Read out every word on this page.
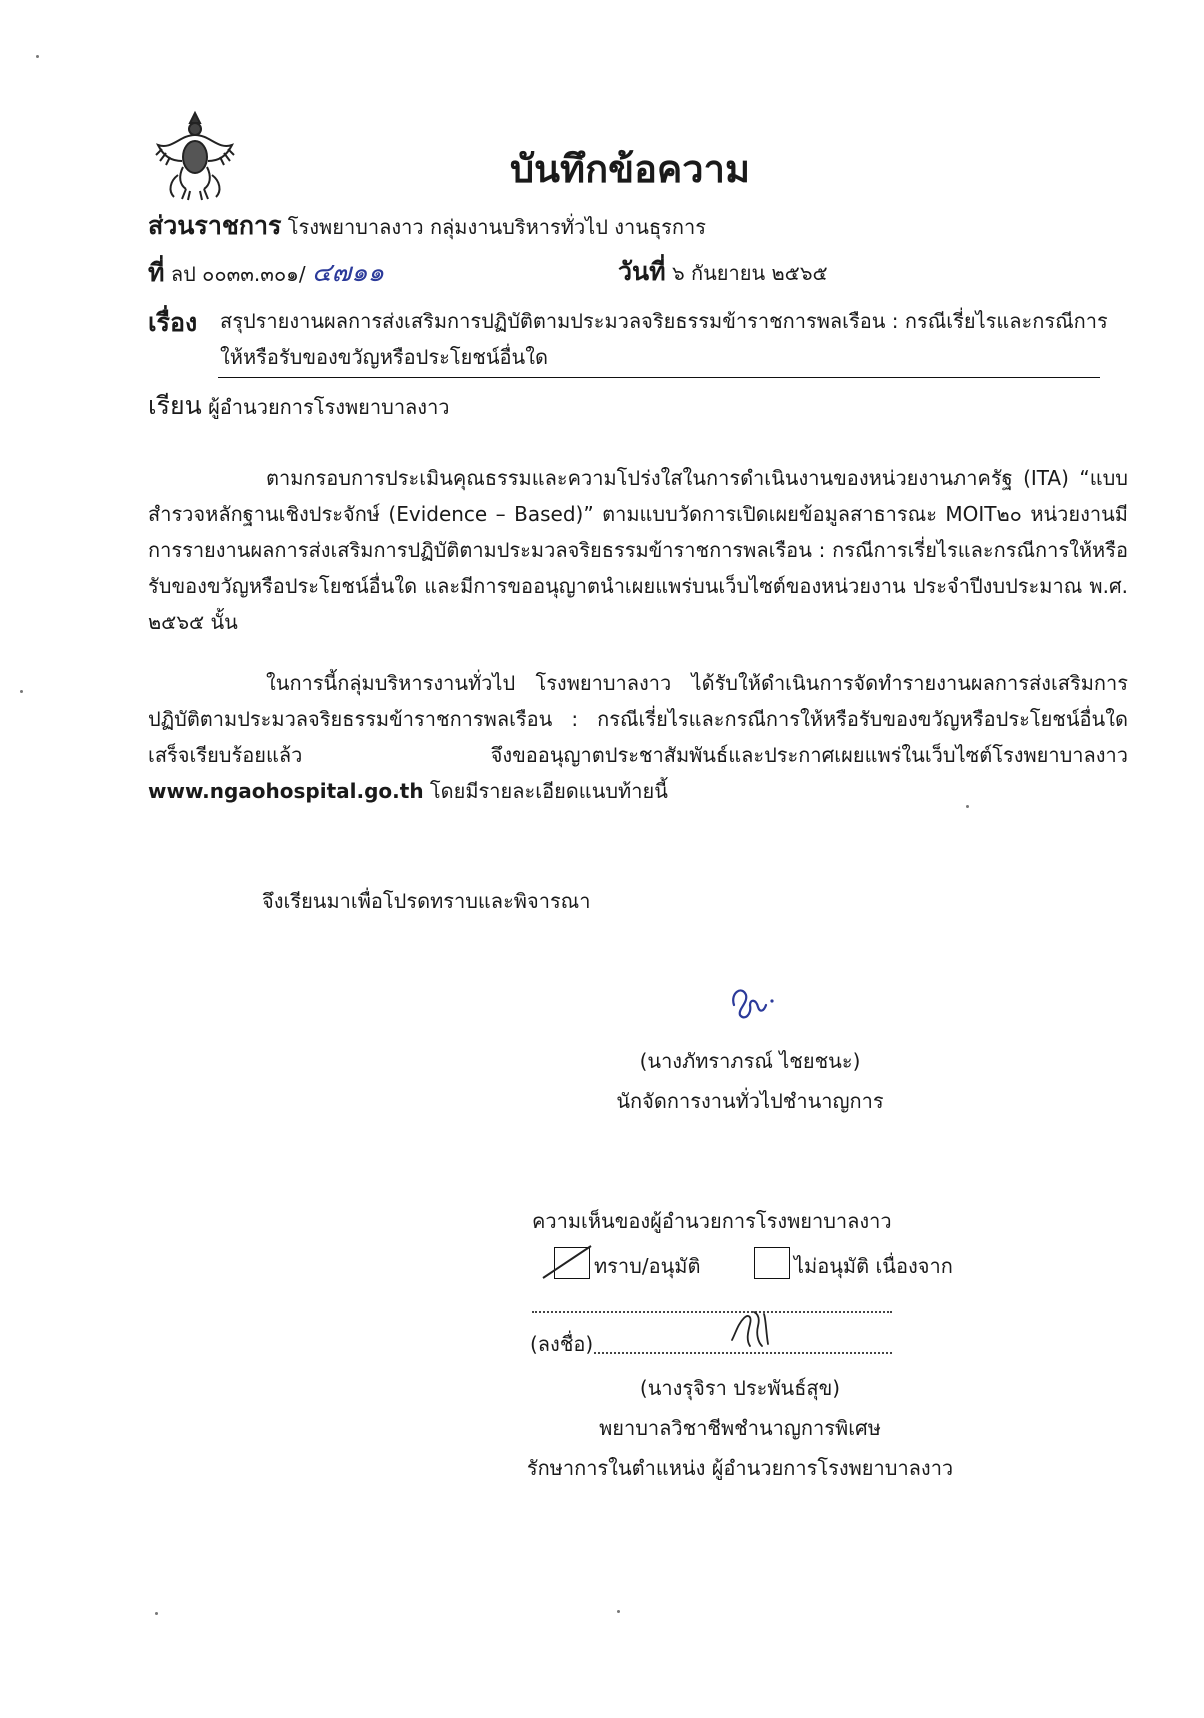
บันทึกข้อความ
ส่วนราชการ โรงพยาบาลงาว กลุ่มงานบริหารทั่วไป งานธุรการ
ที่ ลป ๐๐๓๓.๓๐๑/ ๔๗๑๑	วันที่ ๖ กันยายน ๒๕๖๕
เรื่อง สรุปรายงานผลการส่งเสริมการปฏิบัติตามประมวลจริยธรรมข้าราชการพลเรือน : กรณีเรี่ยไรและกรณีการ
ให้หรือรับของขวัญหรือประโยชน์อื่นใด
เรียน ผู้อำนวยการโรงพยาบาลงาว
ตามกรอบการประเมินคุณธรรมและความโปร่งใสในการดำเนินงานของหน่วยงานภาครัฐ (ITA) “แบบสำรวจหลักฐานเชิงประจักษ์ (Evidence – Based)” ตามแบบวัดการเปิดเผยข้อมูลสาธารณะ MOIT๒๐ หน่วยงานมีการรายงานผลการส่งเสริมการปฏิบัติตามประมวลจริยธรรมข้าราชการพลเรือน : กรณีการเรี่ยไรและกรณีการให้หรือรับของขวัญหรือประโยชน์อื่นใด และมีการขออนุญาตนำเผยแพร่บนเว็บไซต์ของหน่วยงาน ประจำปีงบประมาณ พ.ศ. ๒๕๖๕ นั้น
ในการนี้กลุ่มบริหารงานทั่วไป โรงพยาบาลงาว ได้รับให้ดำเนินการจัดทำรายงานผลการส่งเสริมการปฏิบัติตามประมวลจริยธรรมข้าราชการพลเรือน : กรณีเรี่ยไรและกรณีการให้หรือรับของขวัญหรือประโยชน์อื่นใด เสร็จเรียบร้อยแล้ว จึงขออนุญาตประชาสัมพันธ์และประกาศเผยแพร่ในเว็บไซต์โรงพยาบาลงาว www.ngaohospital.go.th โดยมีรายละเอียดแนบท้ายนี้
จึงเรียนมาเพื่อโปรดทราบและพิจารณา
(นางภัทราภรณ์ ไชยชนะ)
นักจัดการงานทั่วไปชำนาญการ
ความเห็นของผู้อำนวยการโรงพยาบาลงาว
ทราบ/อนุมัติ	ไม่อนุมัติ เนื่องจาก
(ลงชื่อ)
(นางรุจิรา ประพันธ์สุข)
พยาบาลวิชาชีพชำนาญการพิเศษ
รักษาการในตำแหน่ง ผู้อำนวยการโรงพยาบาลงาว
